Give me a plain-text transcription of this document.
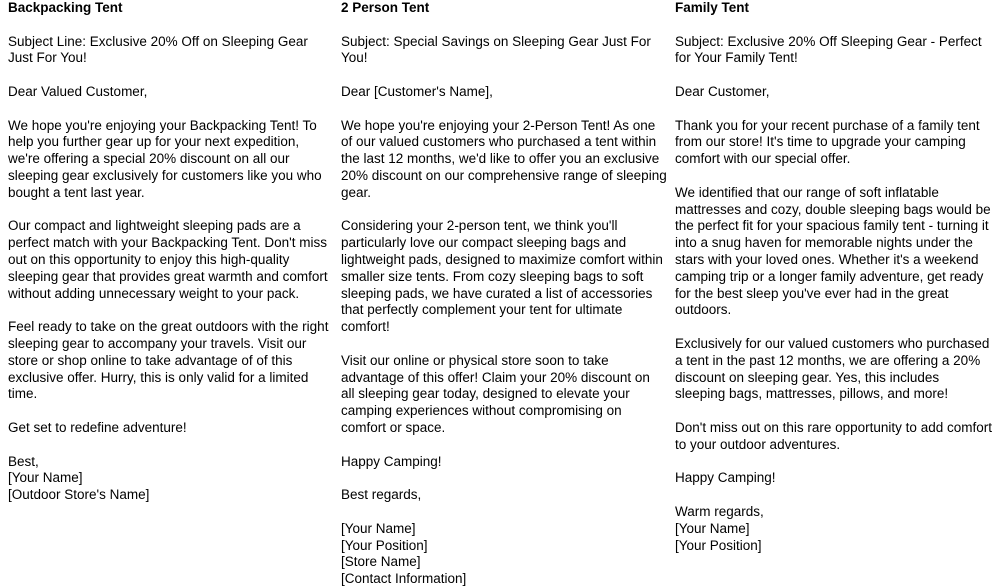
Backpacking Tent
Subject Line: Exclusive 20% Off on Sleeping Gear Just For You!
Dear Valued Customer,
We hope you're enjoying your Backpacking Tent! To help you further gear up for your next expedition, we're offering a special 20% discount on all our sleeping gear exclusively for customers like you who bought a tent last year.
Our compact and lightweight sleeping pads are a perfect match with your Backpacking Tent. Don't miss out on this opportunity to enjoy this high-quality sleeping gear that provides great warmth and comfort without adding unnecessary weight to your pack.
Feel ready to take on the great outdoors with the right sleeping gear to accompany your travels. Visit our store or shop online to take advantage of of this exclusive offer. Hurry, this is only valid for a limited time.
Get set to redefine adventure!
Best,
[Your Name]
[Outdoor Store's Name]
2 Person Tent
Subject: Special Savings on Sleeping Gear Just For You!
Dear [Customer's Name],
We hope you're enjoying your 2-Person Tent! As one of our valued customers who purchased a tent within the last 12 months, we'd like to offer you an exclusive 20% discount on our comprehensive range of sleeping gear.
Considering your 2-person tent, we think you'll particularly love our compact sleeping bags and lightweight pads, designed to maximize comfort within smaller size tents. From cozy sleeping bags to soft sleeping pads, we have curated a list of accessories that perfectly complement your tent for ultimate comfort!
Visit our online or physical store soon to take advantage of this offer! Claim your 20% discount on all sleeping gear today, designed to elevate your camping experiences without compromising on comfort or space.
Happy Camping!
Best regards,
[Your Name]
[Your Position]
[Store Name]
[Contact Information]
Family Tent
Subject: Exclusive 20% Off Sleeping Gear - Perfect for Your Family Tent!
Dear Customer,
Thank you for your recent purchase of a family tent from our store! It's time to upgrade your camping comfort with our special offer.
We identified that our range of soft inflatable mattresses and cozy, double sleeping bags would be the perfect fit for your spacious family tent - turning it into a snug haven for memorable nights under the stars with your loved ones. Whether it's a weekend camping trip or a longer family adventure, get ready for the best sleep you've ever had in the great outdoors.
Exclusively for our valued customers who purchased a tent in the past 12 months, we are offering a 20% discount on sleeping gear. Yes, this includes sleeping bags, mattresses, pillows, and more!
Don't miss out on this rare opportunity to add comfort to your outdoor adventures.
Happy Camping!
Warm regards,
[Your Name]
[Your Position]
